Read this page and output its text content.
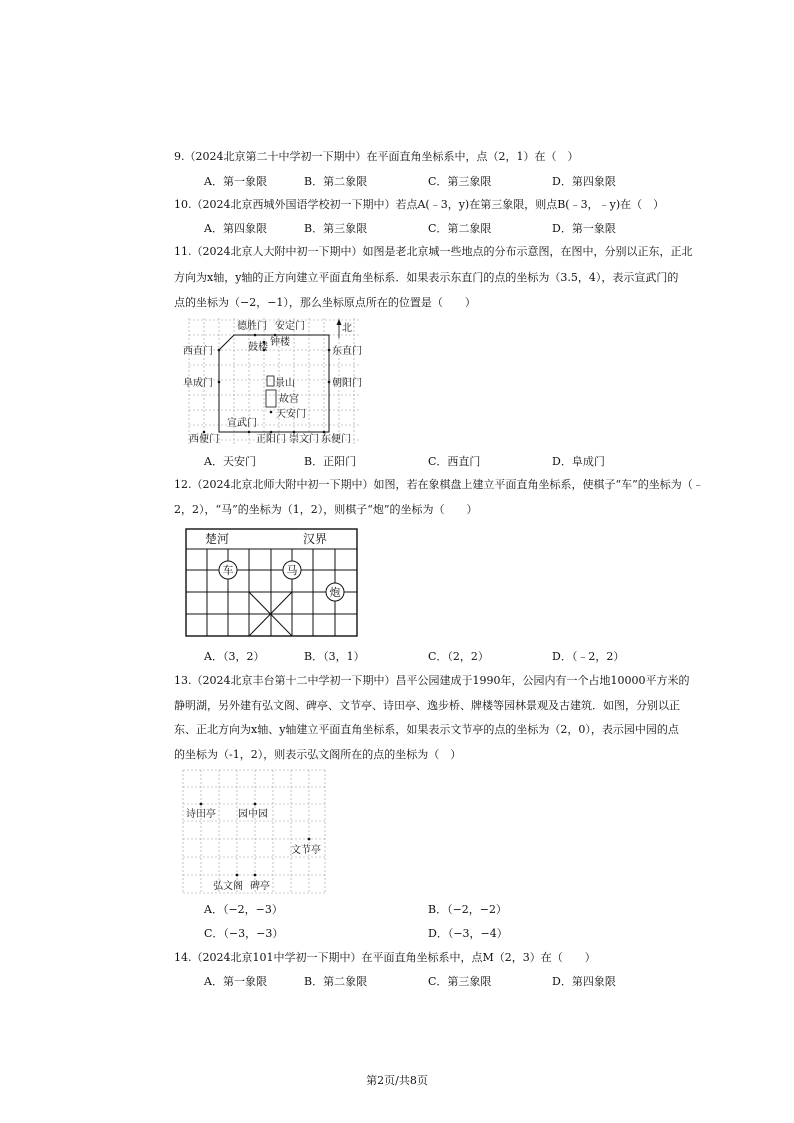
9.（2024北京第二十中学初一下期中）在平面直角坐标系中，点（2，1）在（　）
A．第一象限	B．第二象限	C．第三象限	D．第四象限
10.（2024北京西城外国语学校初一下期中）若点A(﹣3，y)在第三象限，则点B(﹣3，﹣y)在（　）
A．第四象限	B．第三象限	C．第二象限	D．第一象限
11.（2024北京人大附中初一下期中）如图是老北京城一些地点的分布示意图，在图中，分别以正东，正北
方向为x轴，y轴的正方向建立平面直角坐标系．如果表示东直门的点的坐标为（3.5，4），表示宣武门的
点的坐标为（−2，−1），那么坐标原点所在的位置是（　　）
德胜门 安定门	北
钟楼
鼓楼
西直门	东直门
阜成门	景山	朝阳门
故宫
天安门
宣武门
西便门	正阳门 崇文门 东便门
A．天安门	B．正阳门	C．西直门	D．阜成门
12.（2024北京北师大附中初一下期中）如图，若在象棋盘上建立平面直角坐标系，使棋子“车”的坐标为（﹣
2，2），“马”的坐标为（1，2），则棋子“炮”的坐标为（　　）
楚河	汉界
车	马
炮
A．（3，2）	B．（3，1）	C．（2，2）	D．（﹣2，2）
13.（2024北京丰台第十二中学初一下期中）昌平公园建成于1990年，公园内有一个占地10000平方米的
静明湖，另外建有弘文阁、碑亭、文节亭、诗田亭、逸步桥、牌楼等园林景观及古建筑．如图，分别以正
东、正北方向为x轴、y轴建立平面直角坐标系，如果表示文节亭的点的坐标为（2，0），表示园中园的点
的坐标为（-1，2），则表示弘文阁所在的点的坐标为（　）
诗田亭 园中园
文节亭
弘文阁 碑亭
A．（−2，−3）	B．（−2，−2）
C．（−3，−3）	D．（−3，−4）
14.（2024北京101中学初一下期中）在平面直角坐标系中，点M（2，3）在（　　）
A．第一象限	B．第二象限	C．第三象限	D．第四象限
第2页/共8页
